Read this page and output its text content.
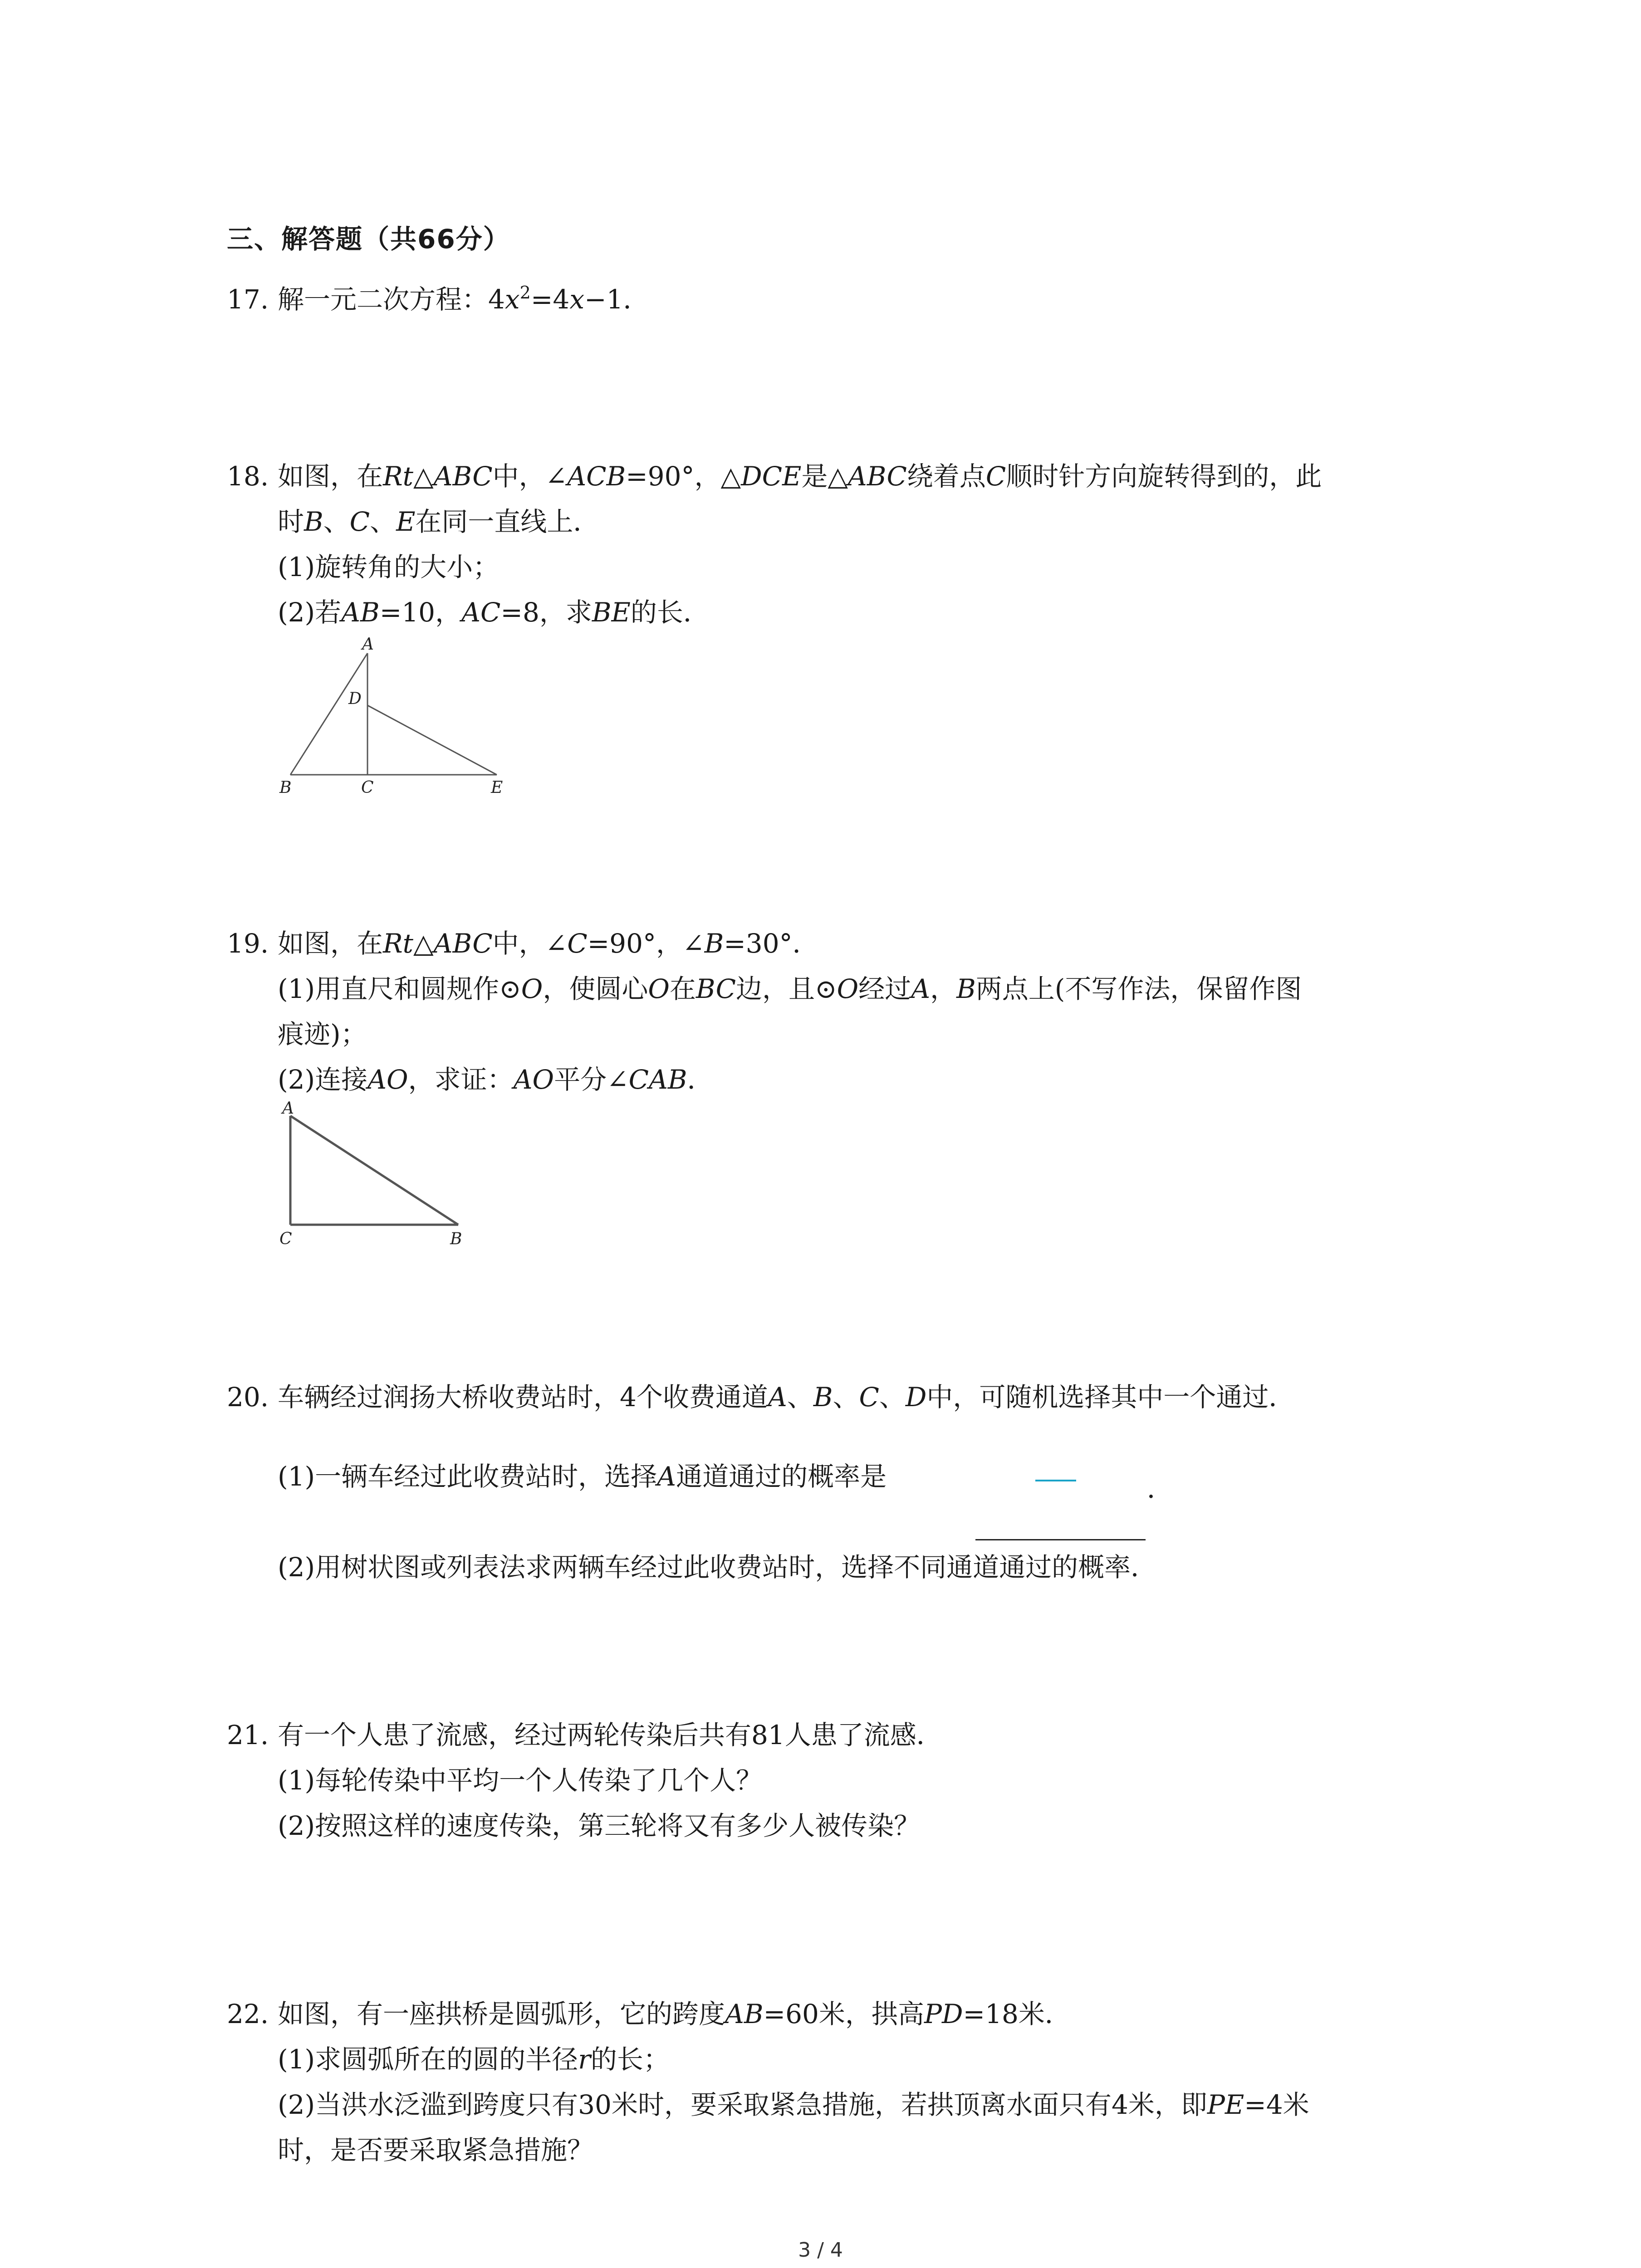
三、解答题（共66分）
17. 解一元二次方程：$4x^2=4x-1$．
18. 如图，在Rt△ABC中，∠ACB=90°，△DCE是△ABC绕着点C顺时针方向旋转得到的，此
时B、C、E在同一直线上．
(1)旋转角的大小；
(2)若AB=10，AC=8，求BE的长．
A
D
B	C	E
19. 如图，在Rt△ABC中，∠C=90°，∠B=30°．
(1)用直尺和圆规作⊙O，使圆心O在BC边，且⊙O经过A，B两点上(不写作法，保留作图
痕迹)；
(2)连接AO，求证：AO平分∠CAB．
A
C	B
20. 车辆经过润扬大桥收费站时，4个收费通道A、B、C、D中，可随机选择其中一个通过．
(1)一辆车经过此收费站时，选择A通道通过的概率是	．
(2)用树状图或列表法求两辆车经过此收费站时，选择不同通道通过的概率．
21. 有一个人患了流感，经过两轮传染后共有81人患了流感．
(1)每轮传染中平均一个人传染了几个人？
(2)按照这样的速度传染，第三轮将又有多少人被传染？
22. 如图，有一座拱桥是圆弧形，它的跨度AB=60米，拱高PD=18米．
(1)求圆弧所在的圆的半径r的长；
(2)当洪水泛滥到跨度只有30米时，要采取紧急措施，若拱顶离水面只有4米，即PE=4米
时，是否要采取紧急措施？
3 / 4
